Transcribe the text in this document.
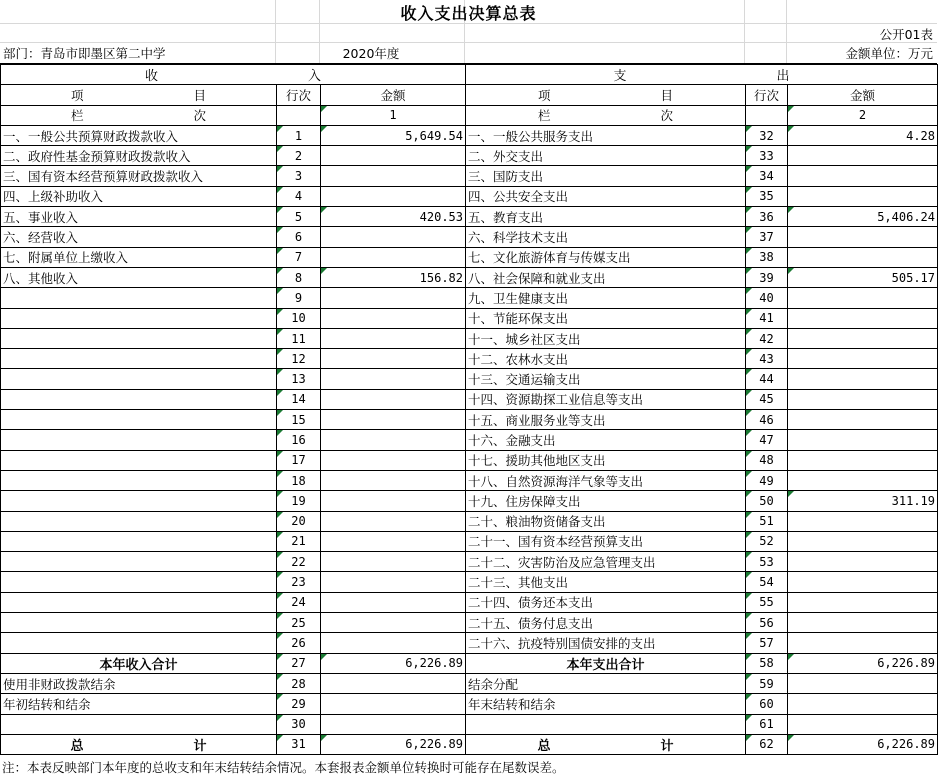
收入支出决算总表
公开01表
部门：青岛市即墨区第二中学	2020年度	金额单位：万元
收 入			支 出		
项 目	行次	金额	项 目	行次	金额
栏 次		1	栏 次		2
一、一般公共预算财政拨款收入	1	5,649.54	一、一般公共服务支出	32	4.28
二、政府性基金预算财政拨款收入	2		二、外交支出	33	
三、国有资本经营预算财政拨款收入	3		三、国防支出	34	
四、上级补助收入	4		四、公共安全支出	35	
五、事业收入	5	420.53	五、教育支出	36	5,406.24
六、经营收入	6		六、科学技术支出	37	
七、附属单位上缴收入	7		七、文化旅游体育与传媒支出	38	
八、其他收入	8	156.82	八、社会保障和就业支出	39	505.17
	9		九、卫生健康支出	40	
	10		十、节能环保支出	41	
	11		十一、城乡社区支出	42	
	12		十二、农林水支出	43	
	13		十三、交通运输支出	44	
	14		十四、资源勘探工业信息等支出	45	
	15		十五、商业服务业等支出	46	
	16		十六、金融支出	47	
	17		十七、援助其他地区支出	48	
	18		十八、自然资源海洋气象等支出	49	
	19		十九、住房保障支出	50	311.19
	20		二十、粮油物资储备支出	51	
	21		二十一、国有资本经营预算支出	52	
	22		二十二、灾害防治及应急管理支出	53	
	23		二十三、其他支出	54	
	24		二十四、债务还本支出	55	
	25		二十五、债务付息支出	56	
	26		二十六、抗疫特别国债安排的支出	57	
本年收入合计	27	6,226.89	本年支出合计	58	6,226.89
使用非财政拨款结余	28		结余分配	59	
年初结转和结余	29		年末结转和结余	60	
	30			61	
总 计	31	6,226.89	总 计	62	6,226.89
注：本表反映部门本年度的总收支和年末结转结余情况。本套报表金额单位转换时可能存在尾数误差。
